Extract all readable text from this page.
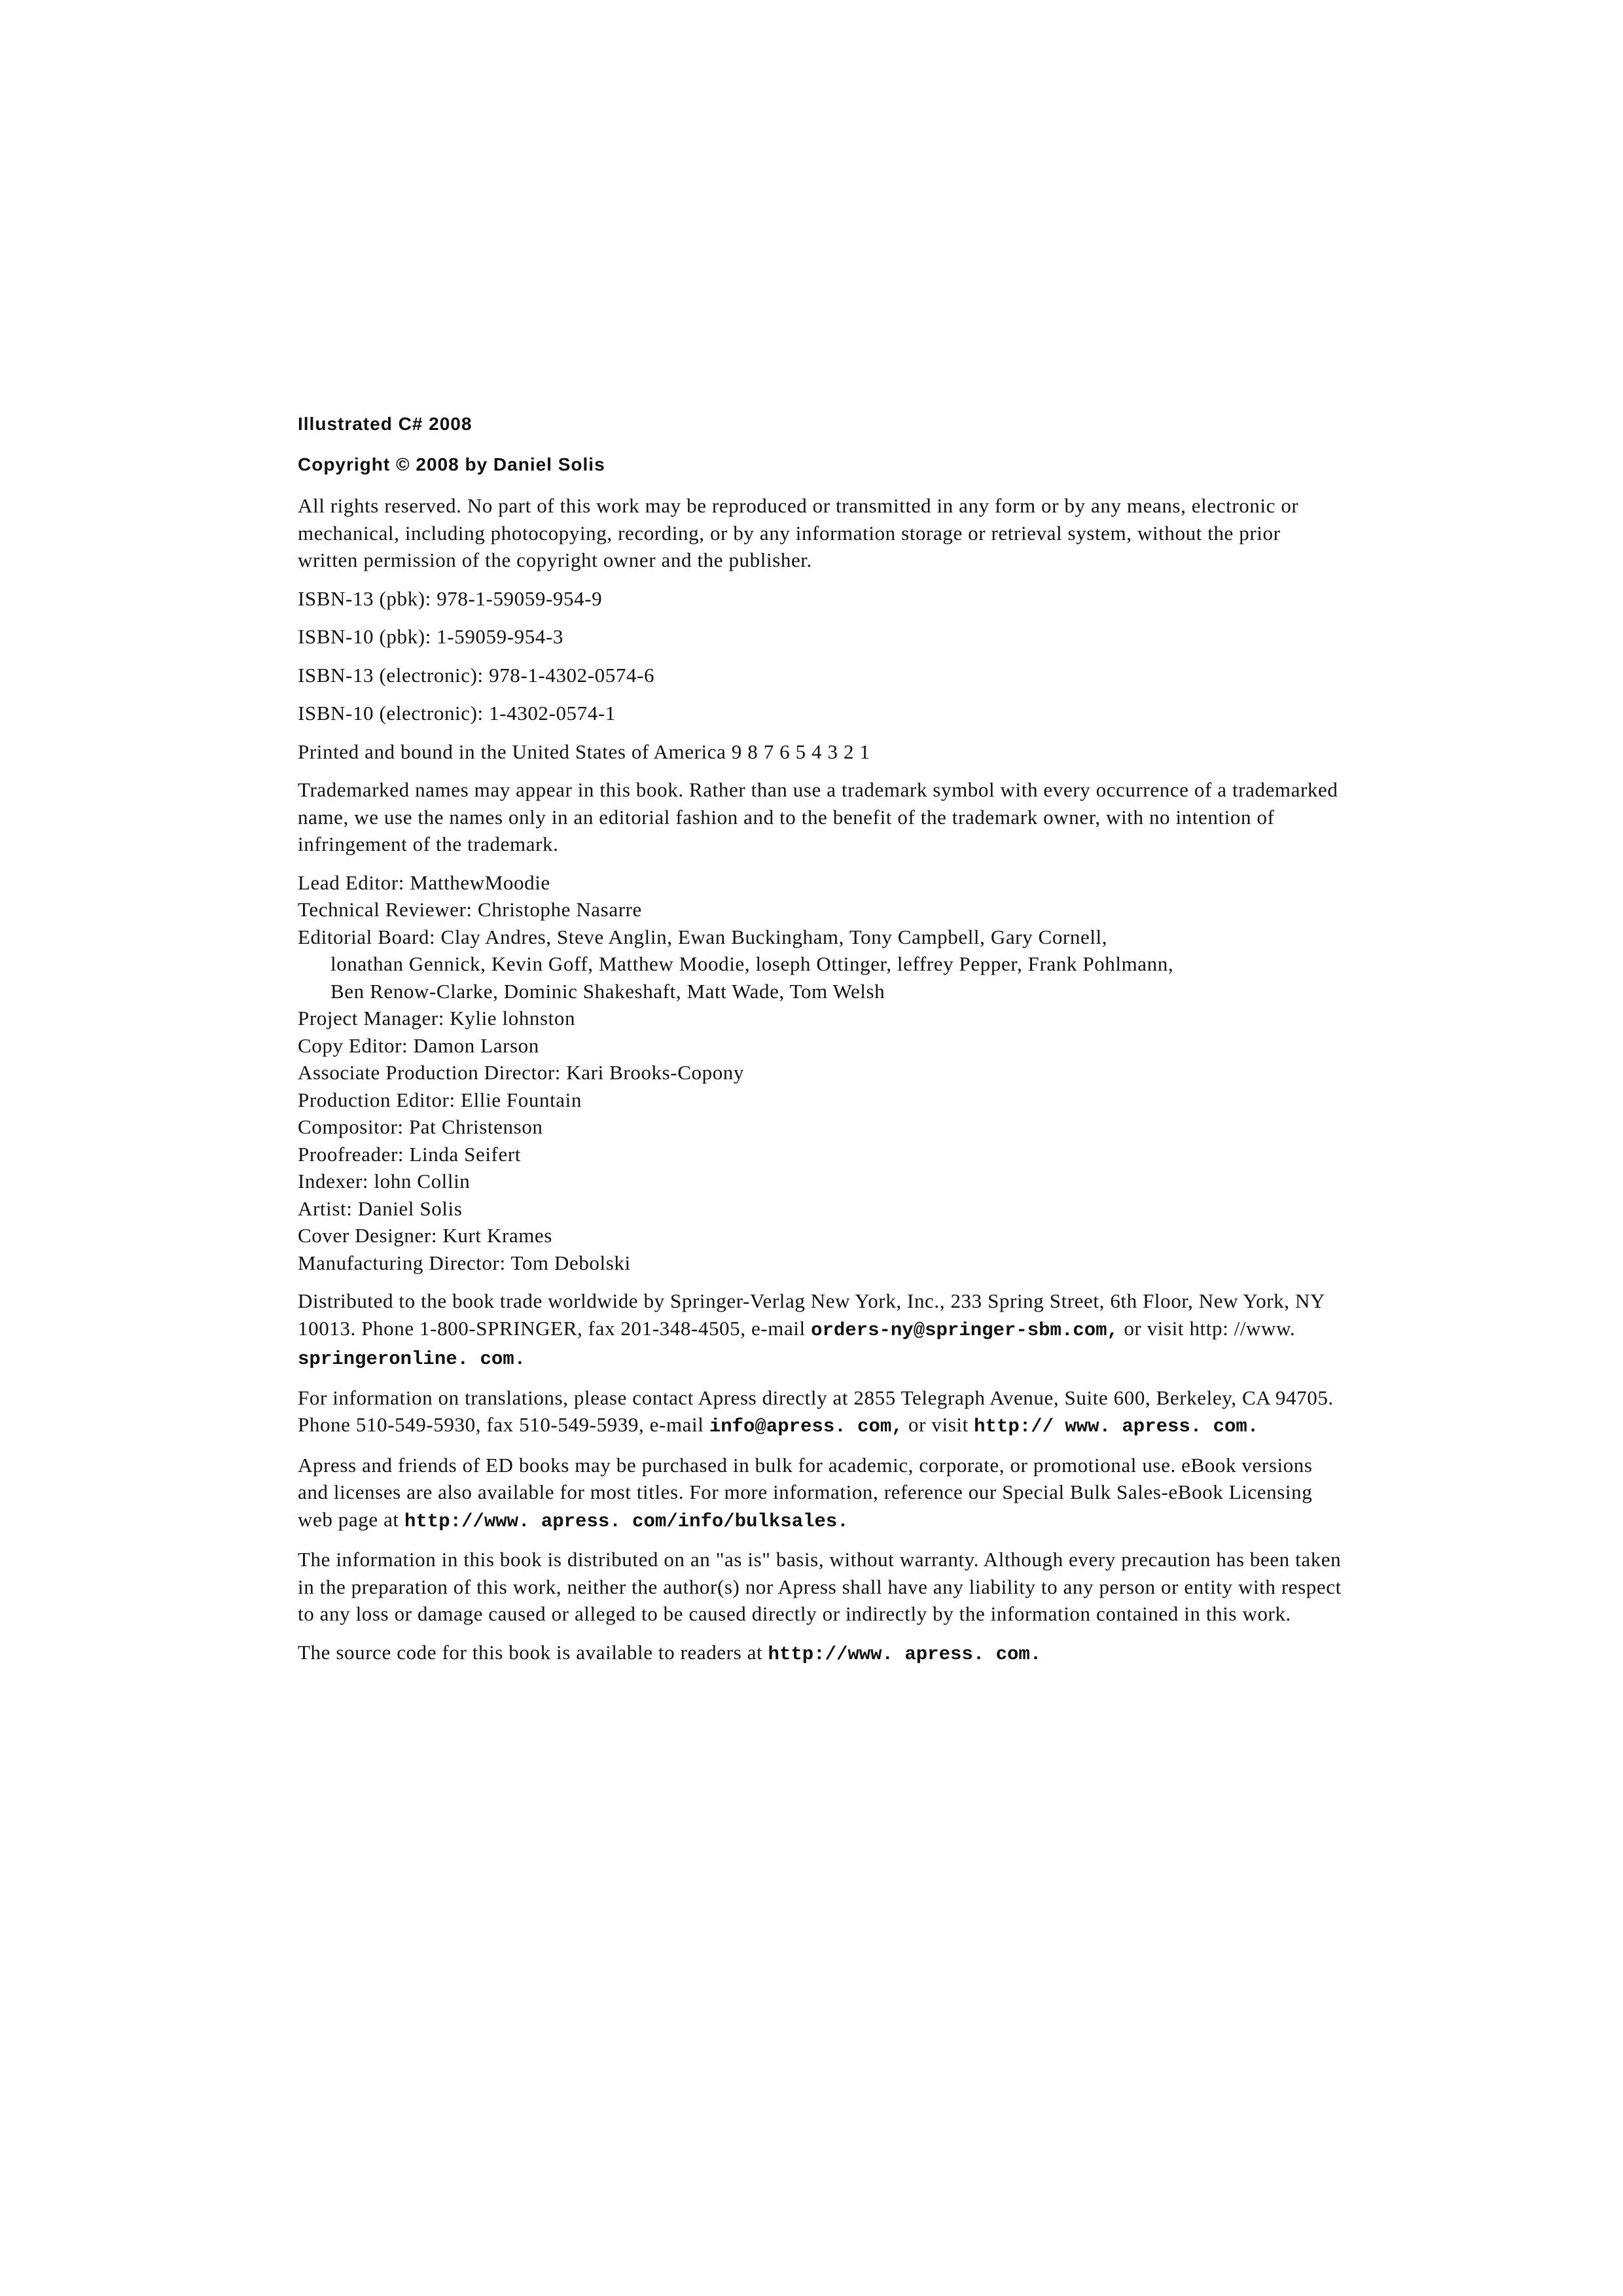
Illustrated C# 2008
Copyright © 2008 by Daniel Solis
All rights reserved. No part of this work may be reproduced or transmitted in any form or by any means, electronic or mechanical, including photocopying, recording, or by any information storage or retrieval system, without the prior written permission of the copyright owner and the publisher.
ISBN-13 (pbk): 978-1-59059-954-9
ISBN-10 (pbk): 1-59059-954-3
ISBN-13 (electronic): 978-1-4302-0574-6
ISBN-10 (electronic): 1-4302-0574-1
Printed and bound in the United States of America 9 8 7 6 5 4 3 2 1
Trademarked names may appear in this book. Rather than use a trademark symbol with every occurrence of a trademarked name, we use the names only in an editorial fashion and to the benefit of the trademark owner, with no intention of infringement of the trademark.
Lead Editor: MatthewMoodie
Technical Reviewer: Christophe Nasarre
Editorial Board: Clay Andres, Steve Anglin, Ewan Buckingham, Tony Campbell, Gary Cornell,
lonathan Gennick, Kevin Goff, Matthew Moodie, loseph Ottinger, leffrey Pepper, Frank Pohlmann,
Ben Renow-Clarke, Dominic Shakeshaft, Matt Wade, Tom Welsh
Project Manager: Kylie lohnston
Copy Editor: Damon Larson
Associate Production Director: Kari Brooks-Copony
Production Editor: Ellie Fountain
Compositor: Pat Christenson
Proofreader: Linda Seifert
Indexer: lohn Collin
Artist: Daniel Solis
Cover Designer: Kurt Krames
Manufacturing Director: Tom Debolski
Distributed to the book trade worldwide by Springer-Verlag New York, Inc., 233 Spring Street, 6th Floor, New York, NY 10013. Phone 1-800-SPRINGER, fax 201-348-4505, e-mail orders-ny@springer-sbm.com, or visit http: //www. springeronline. com.
For information on translations, please contact Apress directly at 2855 Telegraph Avenue, Suite 600, Berkeley, CA 94705. Phone 510-549-5930, fax 510-549-5939, e-mail info@apress. com, or visit http:// www. apress. com.
Apress and friends of ED books may be purchased in bulk for academic, corporate, or promotional use. eBook versions and licenses are also available for most titles. For more information, reference our Special Bulk Sales-eBook Licensing web page at http://www. apress. com/info/bulksales.
The information in this book is distributed on an "as is" basis, without warranty. Although every precaution has been taken in the preparation of this work, neither the author(s) nor Apress shall have any liability to any person or entity with respect to any loss or damage caused or alleged to be caused directly or indirectly by the information contained in this work.
The source code for this book is available to readers at http://www. apress. com.
